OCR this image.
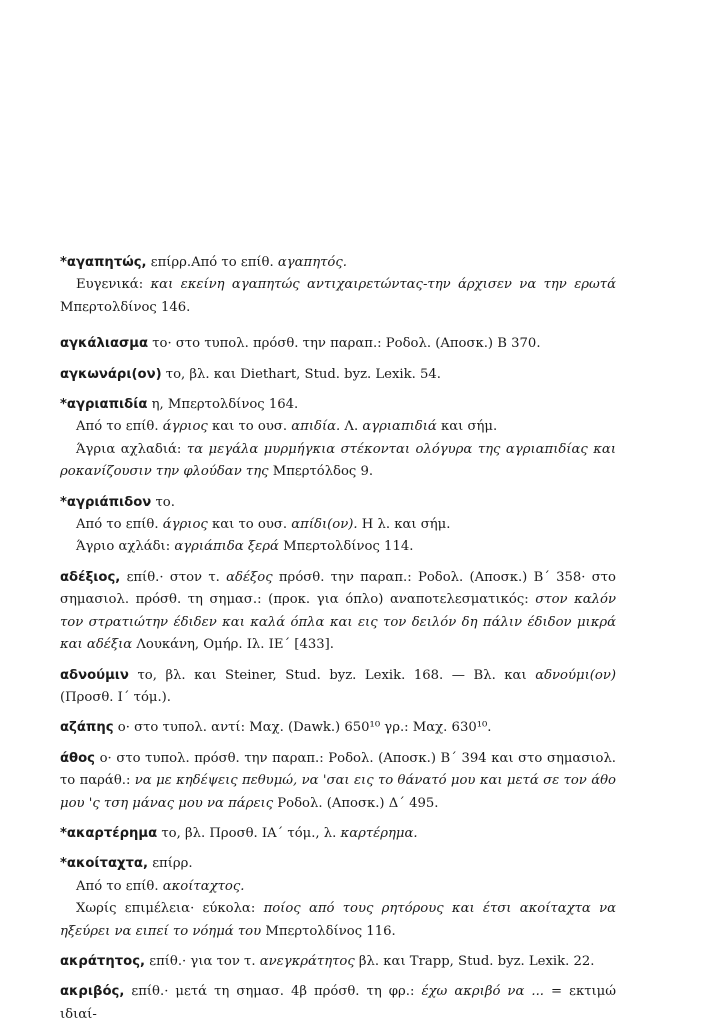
*αγαπητώς, επίρρ.Από το επίθ. αγαπητός.

Ευγενικά: και εκείνη αγαπητώς αντιχαιρετώντας-την άρχισεν να την ερωτά Μπερτολδίνος 146.

αγκάλιασμα το· στο τυπολ. πρόσθ. την παραπ.: Ροδολ. (Αποσκ.) Β 370.

αγκωνάρι(ον) το, βλ. και Diethart, Stud. byz. Lexik. 54.

*αγριαπιδία η, Μπερτολδίνος 164.

Από το επίθ. άγριος και το ουσ. απιδία. Λ. αγριαπιδιά και σήμ.

Άγρια αχλαδιά: τα μεγάλα μυρμήγκια στέκονται ολόγυρα της αγριαπιδίας και ροκανίζουσιν την φλούδαν της Μπερτόλδος 9.

*αγριάπιδον το.

Από το επίθ. άγριος και το ουσ. απίδι(ον). Η λ. και σήμ.

Άγριο αχλάδι: αγριάπιδα ξερά Μπερτολδίνος 114.

αδέξιος, επίθ.· στον τ. αδέξος πρόσθ. την παραπ.: Ροδολ. (Αποσκ.) Β΄ 358· στο σημασιολ. πρόσθ. τη σημασ.: (προκ. για όπλο) αναποτελεσματικός: στον καλόν τον στρατιώτην έδιδεν και καλά όπλα και εις τον δειλόν δη πάλιν έδιδον μικρά και αδέξια Λουκάνη, Ομήρ. Ιλ. ΙΕ΄ [433].

αδνούμιν το, βλ. και Steiner, Stud. byz. Lexik. 168. — Βλ. και αδνούμι(ον) (Προσθ. Ι΄ τόμ.).

αζάπης ο· στο τυπολ. αντί: Μαχ. (Dawk.) 650¹⁰ γρ.: Μαχ. 630¹⁰.

άθος ο· στο τυπολ. πρόσθ. την παραπ.: Ροδολ. (Αποσκ.) Β΄ 394 και στο σημασιολ. το παράθ.: να με κηδέψεις πεθυμώ, να 'σαι εις το θάνατό μου και μετά σε τον άθο μου 'ς τση μάνας μου να πάρεις Ροδολ. (Αποσκ.) Δ΄ 495.

*ακαρτέρημα το, βλ. Προσθ. ΙΑ΄ τόμ., λ. καρτέρημα.

*ακοίταχτα, επίρρ.

Από το επίθ. ακοίταχτος.

Χωρίς επιμέλεια· εύκολα: ποίος από τους ρητόρους και έτσι ακοίταχτα να ηξεύρει να ειπεί το νόημά του Μπερτολδίνος 116.

ακράτητος, επίθ.· για τον τ. ανεγκράτητος βλ. και Trapp, Stud. byz. Lexik. 22.

ακριβός, επίθ.· μετά τη σημασ. 4β πρόσθ. τη φρ.: έχω ακριβό να ... = εκτιμώ ιδιαί-
